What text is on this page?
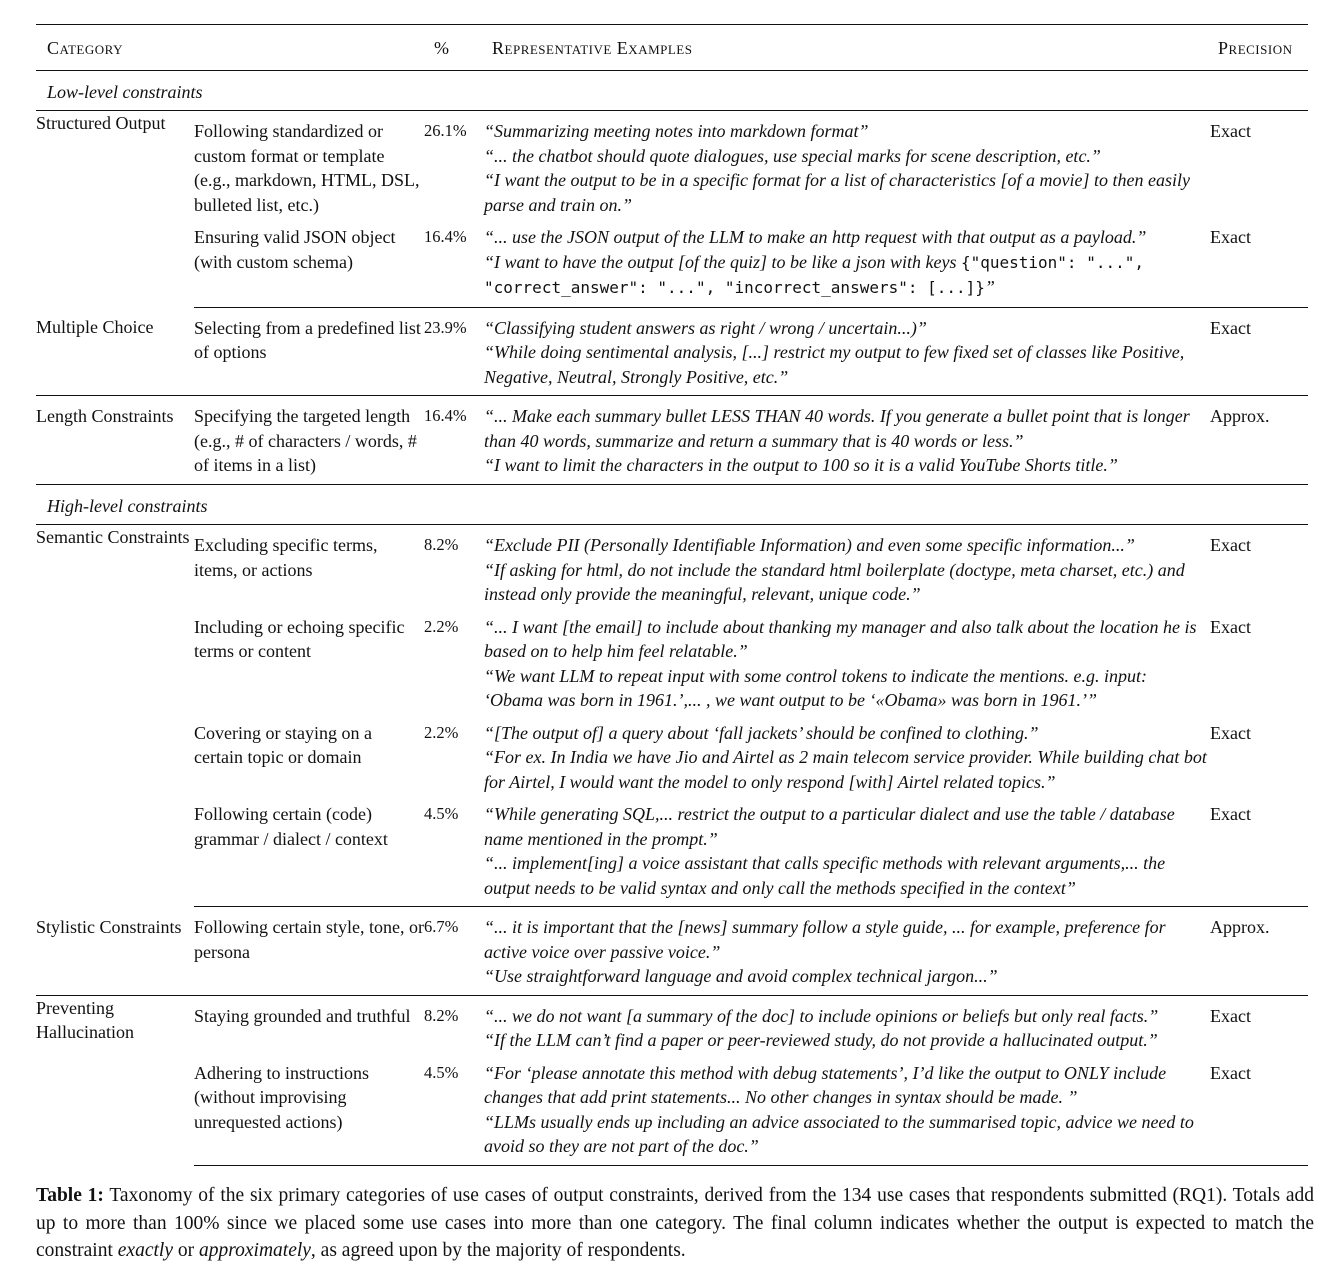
Category		%	Representative Examples	Precision
Low-level constraints				
Structured Output	Following standardized or custom format or template (e.g., markdown, HTML, DSL, bulleted list, etc.)	26.1%	“Summarizing meeting notes into markdown format”
“... the chatbot should quote dialogues, use special marks for scene description, etc.”
“I want the output to be in a specific format for a list of characteristics [of a movie] to then easily parse and train on.”	Exact
	Ensuring valid JSON object (with custom schema)	16.4%	“... use the JSON output of the LLM to make an http request with that output as a payload.”
“I want to have the output [of the quiz] to be like a json with keys {"question": "...", "correct_answer": "...", "incorrect_answers": [...]}”	Exact
Multiple Choice	Selecting from a predefined list of options	23.9%	“Classifying student answers as right / wrong / uncertain...)”
“While doing sentimental analysis, [...] restrict my output to few fixed set of classes like Positive, Negative, Neutral, Strongly Positive, etc.”	Exact
Length Constraints	Specifying the targeted length (e.g., # of characters / words, # of items in a list)	16.4%	“... Make each summary bullet LESS THAN 40 words. If you generate a bullet point that is longer than 40 words, summarize and return a summary that is 40 words or less.”
“I want to limit the characters in the output to 100 so it is a valid YouTube Shorts title.”	Approx.
High-level constraints				
Semantic Constraints	Excluding specific terms, items, or actions	8.2%	“Exclude PII (Personally Identifiable Information) and even some specific information...”
“If asking for html, do not include the standard html boilerplate (doctype, meta charset, etc.) and instead only provide the meaningful, relevant, unique code.”	Exact
	Including or echoing specific terms or content	2.2%	“... I want [the email] to include about thanking my manager and also talk about the location he is based on to help him feel relatable.”
“We want LLM to repeat input with some control tokens to indicate the mentions. e.g. input: ‘Obama was born in 1961.’,... , we want output to be ‘«Obama» was born in 1961.’”	Exact
	Covering or staying on a certain topic or domain	2.2%	“[The output of] a query about ‘fall jackets’ should be confined to clothing.”
“For ex. In India we have Jio and Airtel as 2 main telecom service provider. While building chat bot for Airtel, I would want the model to only respond [with] Airtel related topics.”	Exact
	Following certain (code) grammar / dialect / context	4.5%	“While generating SQL,... restrict the output to a particular dialect and use the table / database name mentioned in the prompt.”
“... implement[ing] a voice assistant that calls specific methods with relevant arguments,... the output needs to be valid syntax and only call the methods specified in the context”	Exact
Stylistic Constraints	Following certain style, tone, or persona	6.7%	“... it is important that the [news] summary follow a style guide, ... for example, preference for active voice over passive voice.”
“Use straightforward language and avoid complex technical jargon...”	Approx.
Preventing Hallucination	Staying grounded and truthful	8.2%	“... we do not want [a summary of the doc] to include opinions or beliefs but only real facts.”
“If the LLM can’t find a paper or peer-reviewed study, do not provide a hallucinated output.”	Exact
	Adhering to instructions (without improvising unrequested actions)	4.5%	“For ‘please annotate this method with debug statements’, I’d like the output to ONLY include changes that add print statements... No other changes in syntax should be made. ”
“LLMs usually ends up including an advice associated to the summarised topic, advice we need to avoid so they are not part of the doc.”	Exact
Table 1: Taxonomy of the six primary categories of use cases of output constraints, derived from the 134 use cases that respondents submitted (RQ1). Totals add up to more than 100% since we placed some use cases into more than one category. The final column indicates whether the output is expected to match the constraint exactly or approximately, as agreed upon by the majority of respondents.
